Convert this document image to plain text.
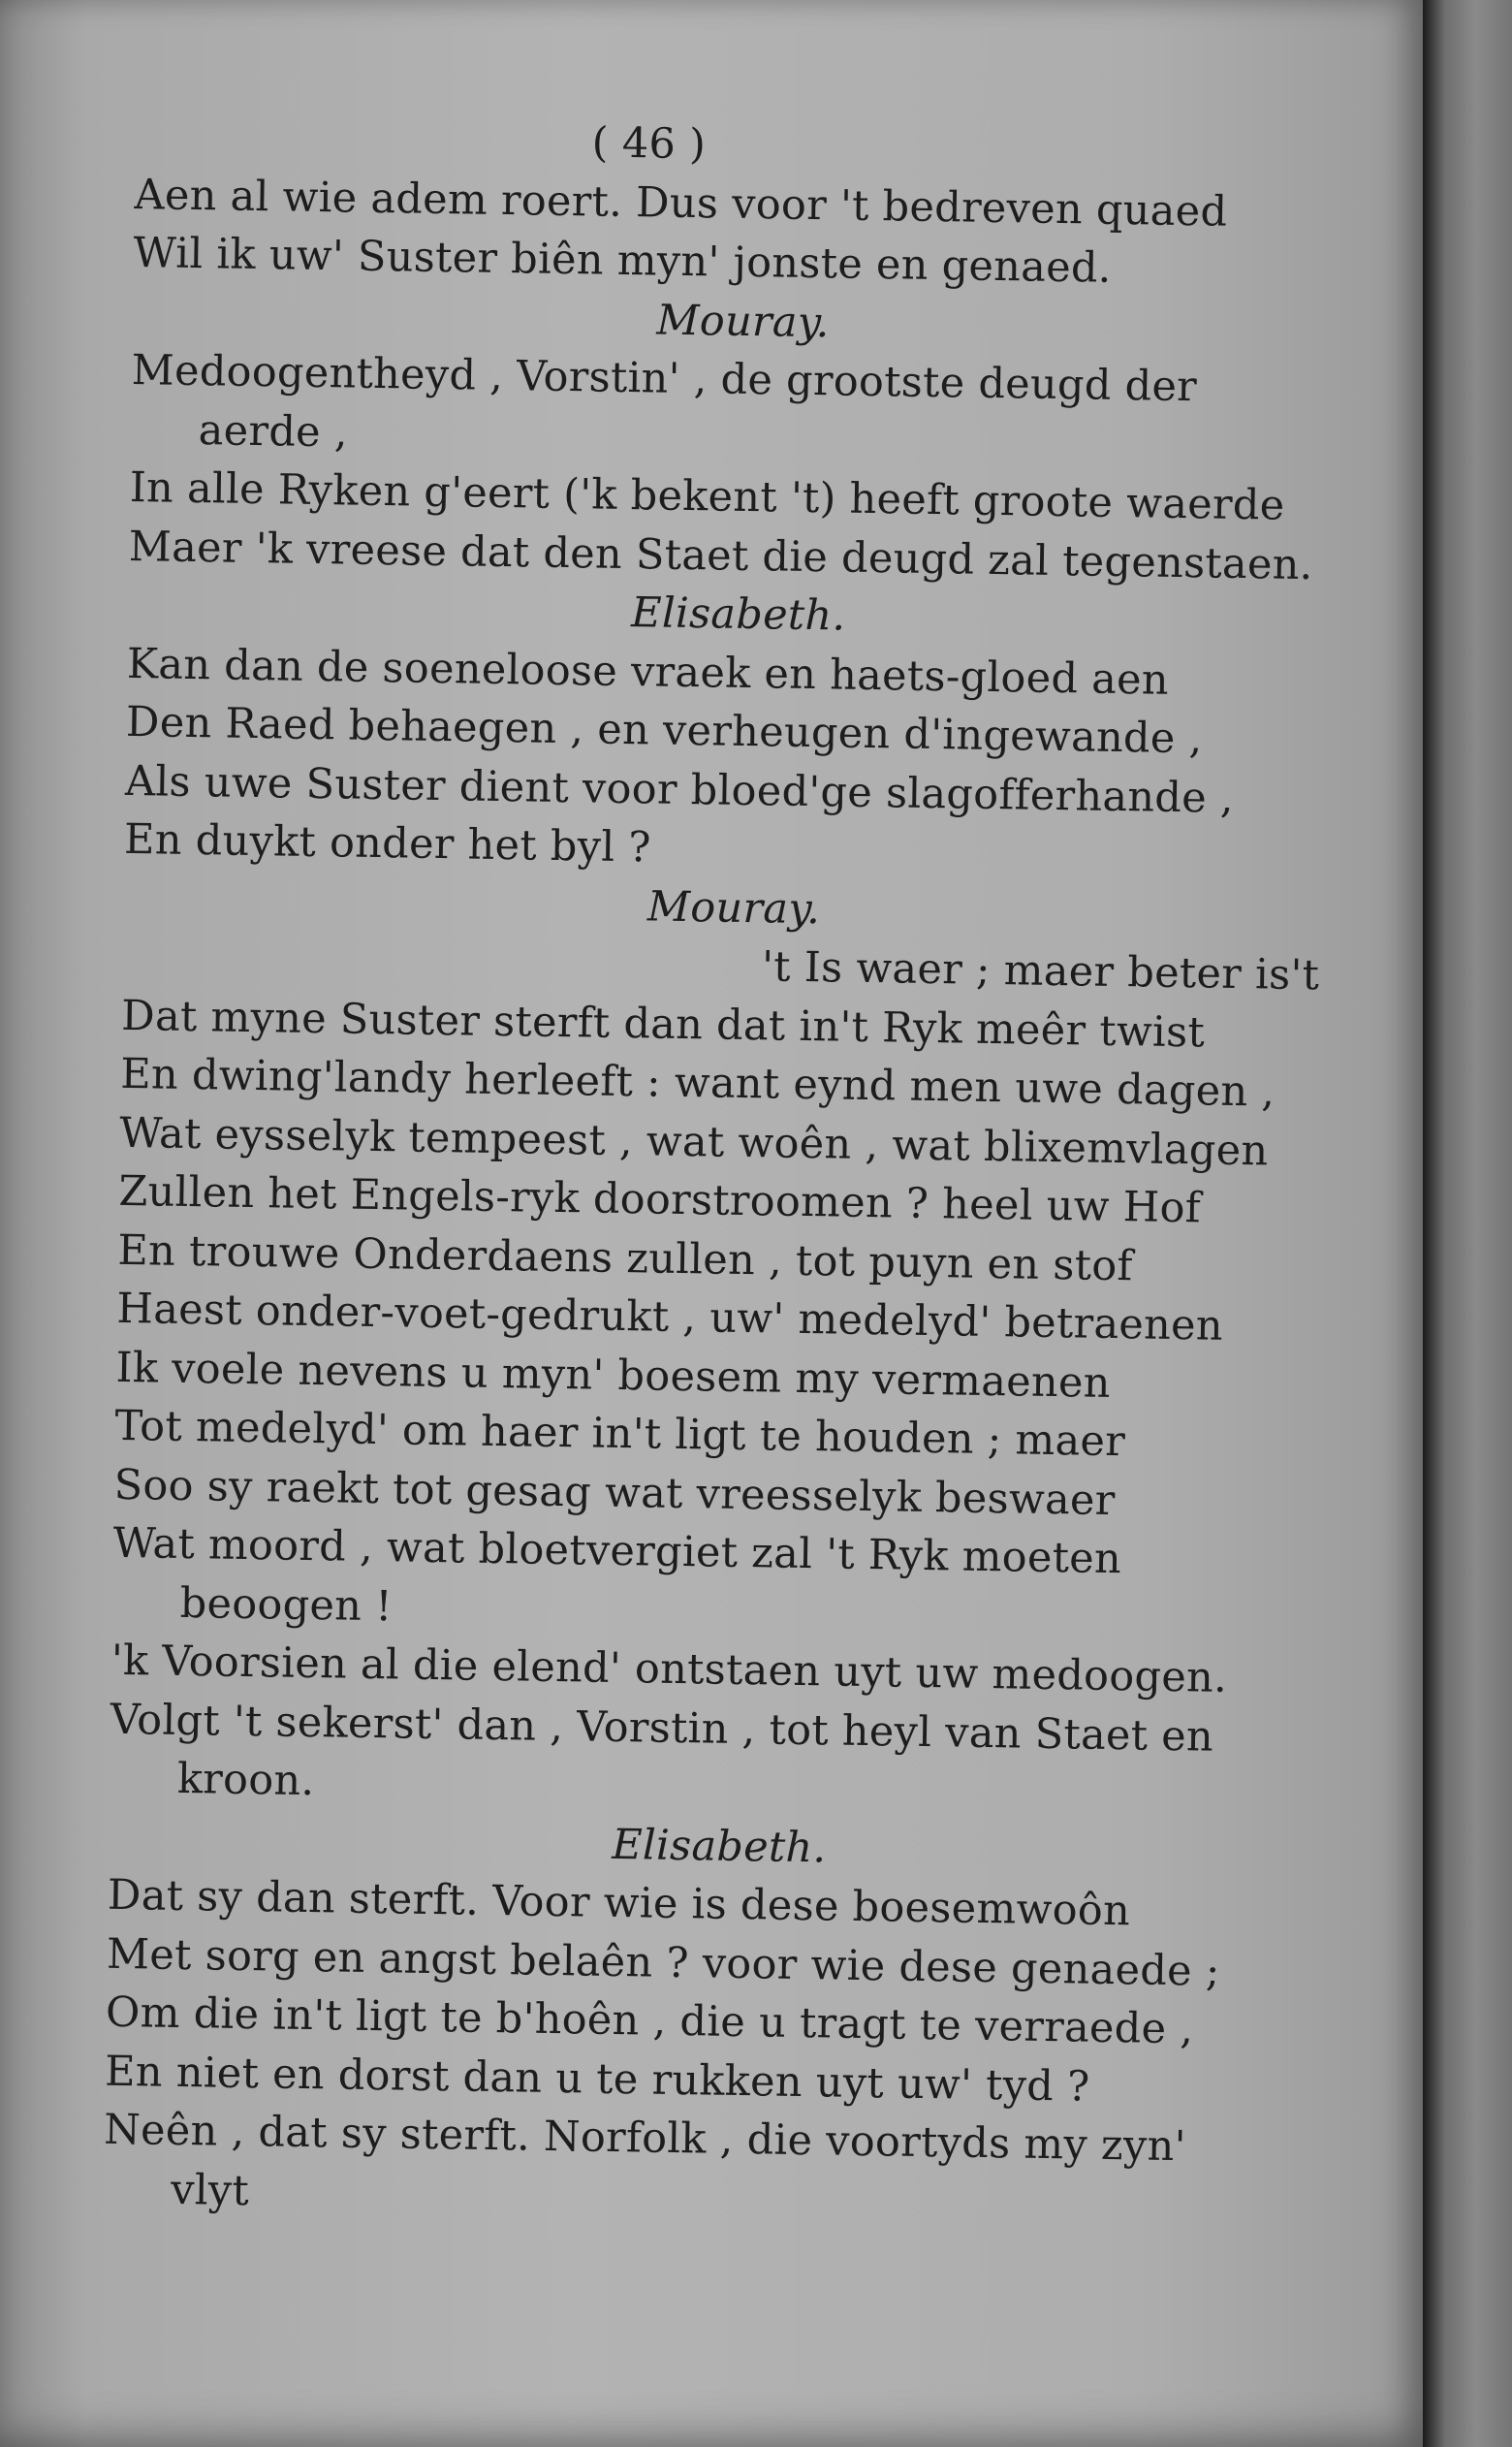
( 46 )
Aen al wie adem roert. Dus voor 't bedreven quaed
Wil ik uw' Suster biên myn' jonste en genaed.
Mouray.
Medoogentheyd , Vorstin' , de grootste deugd der
aerde ,
In alle Ryken g'eert ('k bekent 't) heeft groote waerde
Maer 'k vreese dat den Staet die deugd zal tegenstaen.
Elisabeth.
Kan dan de soeneloose vraek en haets-gloed aen
Den Raed behaegen , en verheugen d'ingewande ,
Als uwe Suster dient voor bloed'ge slagofferhande ,
En duykt onder het byl ?
Mouray.
't Is waer ; maer beter is't
Dat myne Suster sterft dan dat in't Ryk meêr twist
En dwing'landy herleeft : want eynd men uwe dagen ,
Wat eysselyk tempeest , wat woên , wat blixemvlagen
Zullen het Engels-ryk doorstroomen ? heel uw Hof
En trouwe Onderdaens zullen , tot puyn en stof
Haest onder-voet-gedrukt , uw' medelyd' betraenen
Ik voele nevens u myn' boesem my vermaenen
Tot medelyd' om haer in't ligt te houden ; maer
Soo sy raekt tot gesag wat vreesselyk beswaer
Wat moord , wat bloetvergiet zal 't Ryk moeten
beoogen !
'k Voorsien al die elend' ontstaen uyt uw medoogen.
Volgt 't sekerst' dan , Vorstin , tot heyl van Staet en
kroon.
Elisabeth.
Dat sy dan sterft. Voor wie is dese boesemwoôn
Met sorg en angst belaên ? voor wie dese genaede ;
Om die in't ligt te b'hoên , die u tragt te verraede ,
En niet en dorst dan u te rukken uyt uw' tyd ?
Neên , dat sy sterft. Norfolk , die voortyds my zyn'
vlyt
